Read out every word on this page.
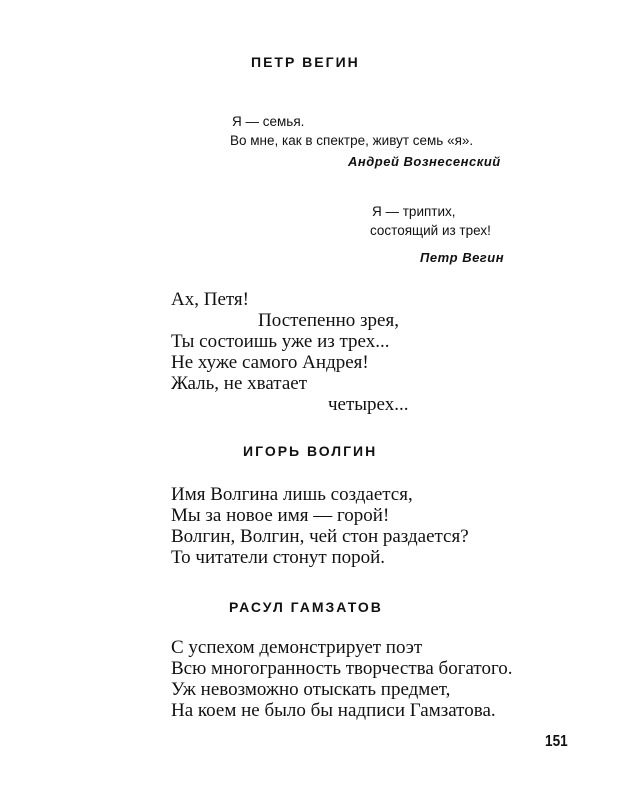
ПЕТР ВЕГИН
Я — семья.
Во мне, как в спектре, живут семь «я».
Андрей Вознесенский
Я — триптих,
состоящий из трех!
Петр Вегин
Ах, Петя!
Постепенно зрея,
Ты состоишь уже из трех...
Не хуже самого Андрея!
Жаль, не хватает
четырех...
ИГОРЬ ВОЛГИН
Имя Волгина лишь создается,
Мы за новое имя — горой!
Волгин, Волгин, чей стон раздается?
То читатели стонут порой.
РАСУЛ ГАМЗАТОВ
С успехом демонстрирует поэт
Всю многогранность творчества богатого.
Уж невозможно отыскать предмет,
На коем не было бы надписи Гамзатова.
151
